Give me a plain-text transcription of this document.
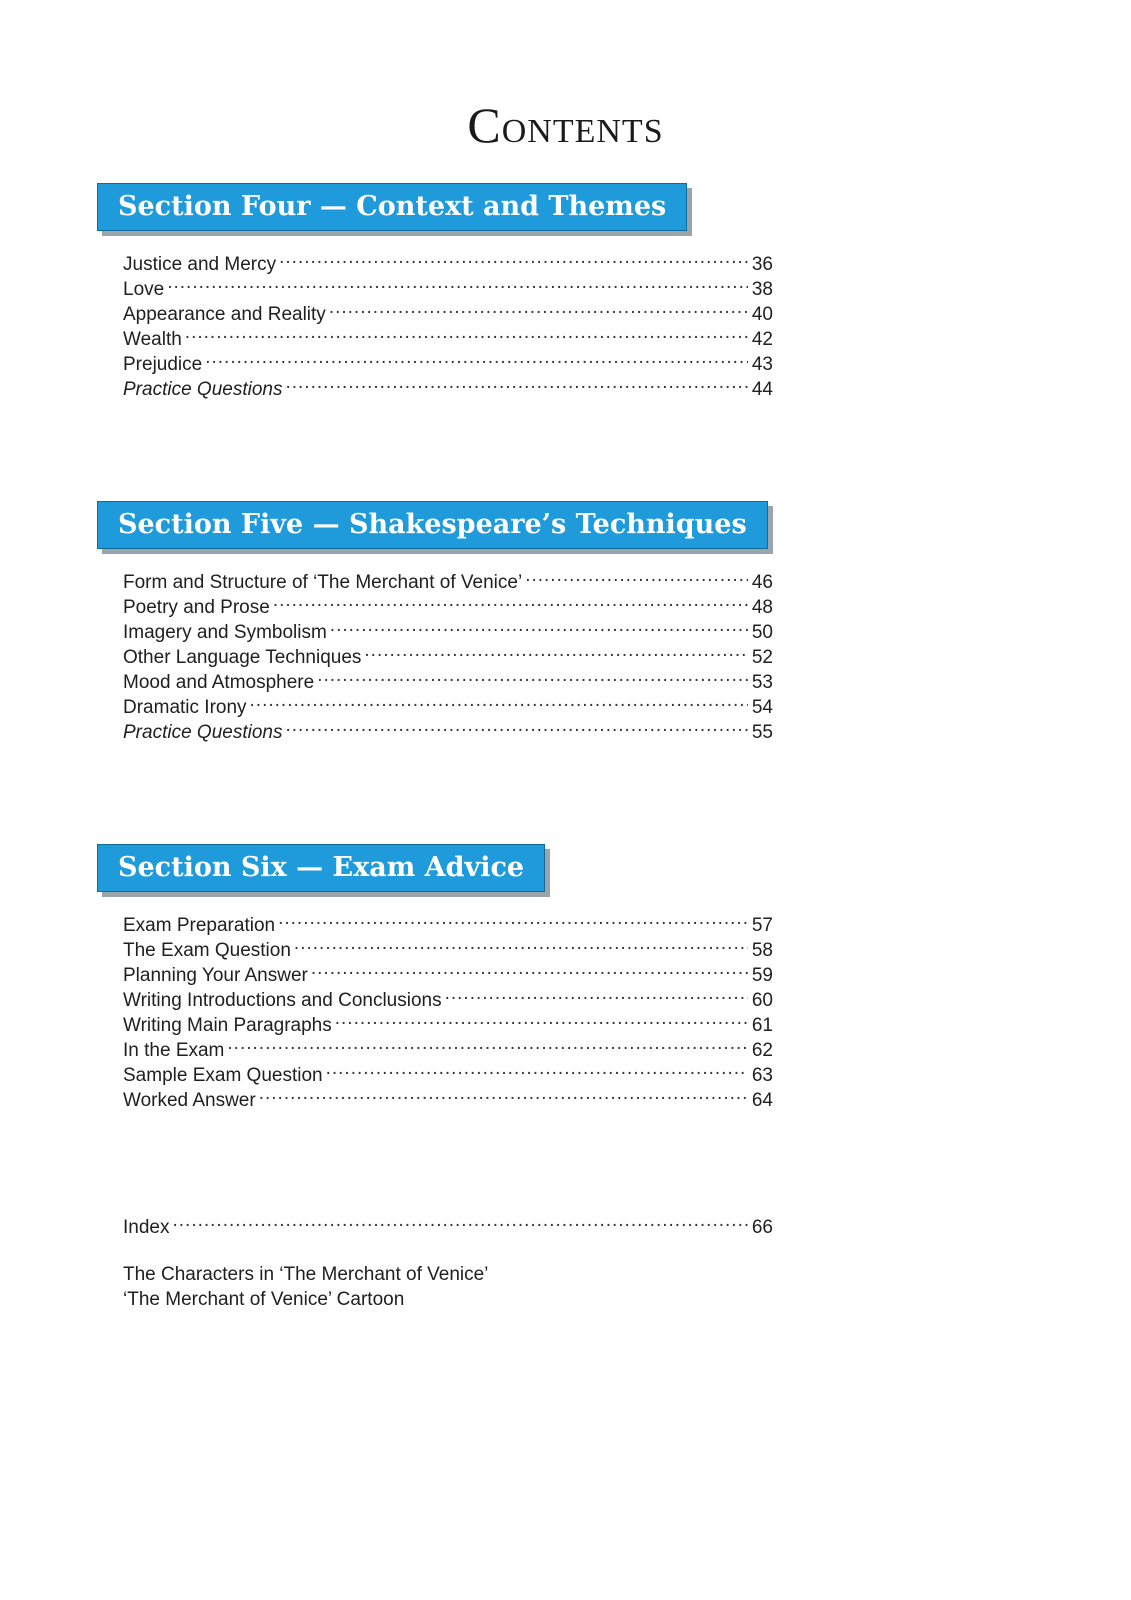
CONTENTS
Section Four — Context and Themes
Justice and Mercy .....	36
Love .....	38
Appearance and Reality .....	40
Wealth .....	42
Prejudice .....	43
Practice Questions .....	44
Section Five — Shakespeare’s Techniques
Form and Structure of ‘The Merchant of Venice’ .....	46
Poetry and Prose .....	48
Imagery and Symbolism .....	50
Other Language Techniques .....	52
Mood and Atmosphere .....	53
Dramatic Irony .....	54
Practice Questions .....	55
Section Six — Exam Advice
Exam Preparation .....	57
The Exam Question .....	58
Planning Your Answer .....	59
Writing Introductions and Conclusions .....	60
Writing Main Paragraphs .....	61
In the Exam .....	62
Sample Exam Question .....	63
Worked Answer .....	64
Index .....	66
The Characters in ‘The Merchant of Venice’
‘The Merchant of Venice’ Cartoon
